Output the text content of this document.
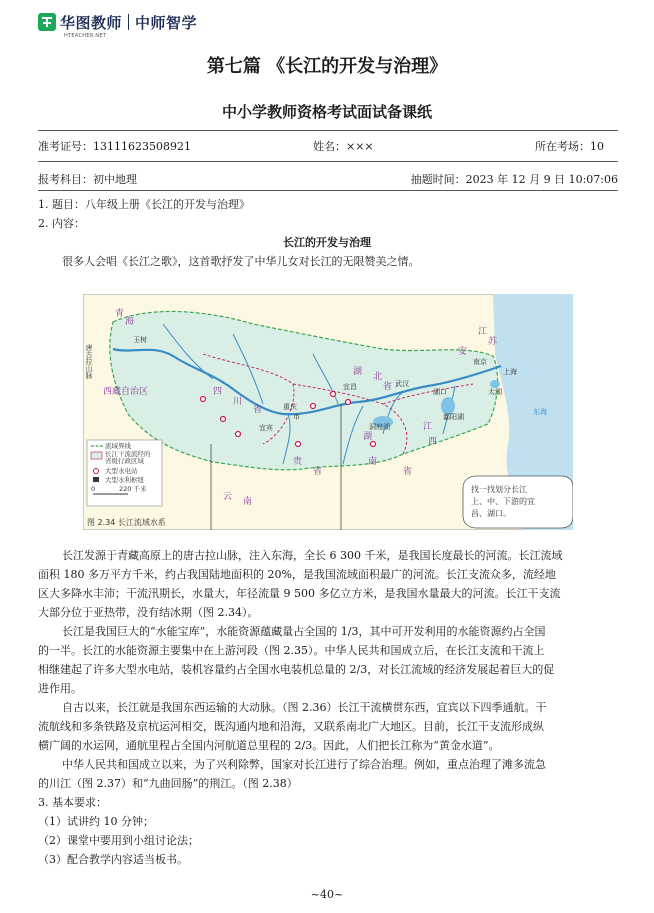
华图教师 中师智学
HTEACHER.NET
第七篇 《长江的开发与治理》
中小学教师资格考试面试备课纸
准考证号：13111623508921	姓名：×××	所在考场：10
报考科目：初中地理	抽题时间：2023 年 12 月 9 日 10:07:06
1. 题目：八年级上册《长江的开发与治理》
2. 内容：
长江的开发与治理
很多人会唱《长江之歌》，这首歌抒发了中华儿女对长江的无限赞美之情。
青
海
唐古拉山脉
玉树
西藏自治区	四
川
省
宜宾
重庆
宜昌	武汉
湖口
南京
上海
湖 北
湖
南
江
西
安
江
苏
贵
云 南
洞庭湖
鄱阳湖
太湖
省
省
省
东海
市
流域界线
长江干流流经的
省级行政区域
大型水电站
大型水利枢纽
0	220 千米
图 2.34 长江流域水系
找一找划分长江
上、中、下游的宜
昌、湖口。
长江发源于青藏高原上的唐古拉山脉，注入东海，全长 6 300 千米，是我国长度最长的河流。长江流域
面积 180 多万平方千米，约占我国陆地面积的 20%，是我国流域面积最广的河流。长江支流众多，流经地
区大多降水丰沛；干流汛期长，水量大，年径流量 9 500 多亿立方米，是我国水量最大的河流。长江干支流
大部分位于亚热带，没有结冰期（图 2.34）。
长江是我国巨大的“水能宝库”，水能资源蕴藏量占全国的 1/3，其中可开发利用的水能资源约占全国
的一半。长江的水能资源主要集中在上游河段（图 2.35）。中华人民共和国成立后，在长江支流和干流上
相继建起了许多大型水电站，装机容量约占全国水电装机总量的 2/3，对长江流域的经济发展起着巨大的促
进作用。
自古以来，长江就是我国东西运输的大动脉。（图 2.36）长江干流横贯东西，宜宾以下四季通航。干
流航线和多条铁路及京杭运河相交，既沟通内地和沿海，又联系南北广大地区。目前，长江干支流形成纵
横广阔的水运网，通航里程占全国内河航道总里程的 2/3。因此，人们把长江称为“黄金水道”。
中华人民共和国成立以来，为了兴利除弊，国家对长江进行了综合治理。例如，重点治理了滩多流急
的川江（图 2.37）和“九曲回肠”的荆江。（图 2.38）
3. 基本要求：
（1）试讲约 10 分钟；
（2）课堂中要用到小组讨论法；
（3）配合教学内容适当板书。
~40~
